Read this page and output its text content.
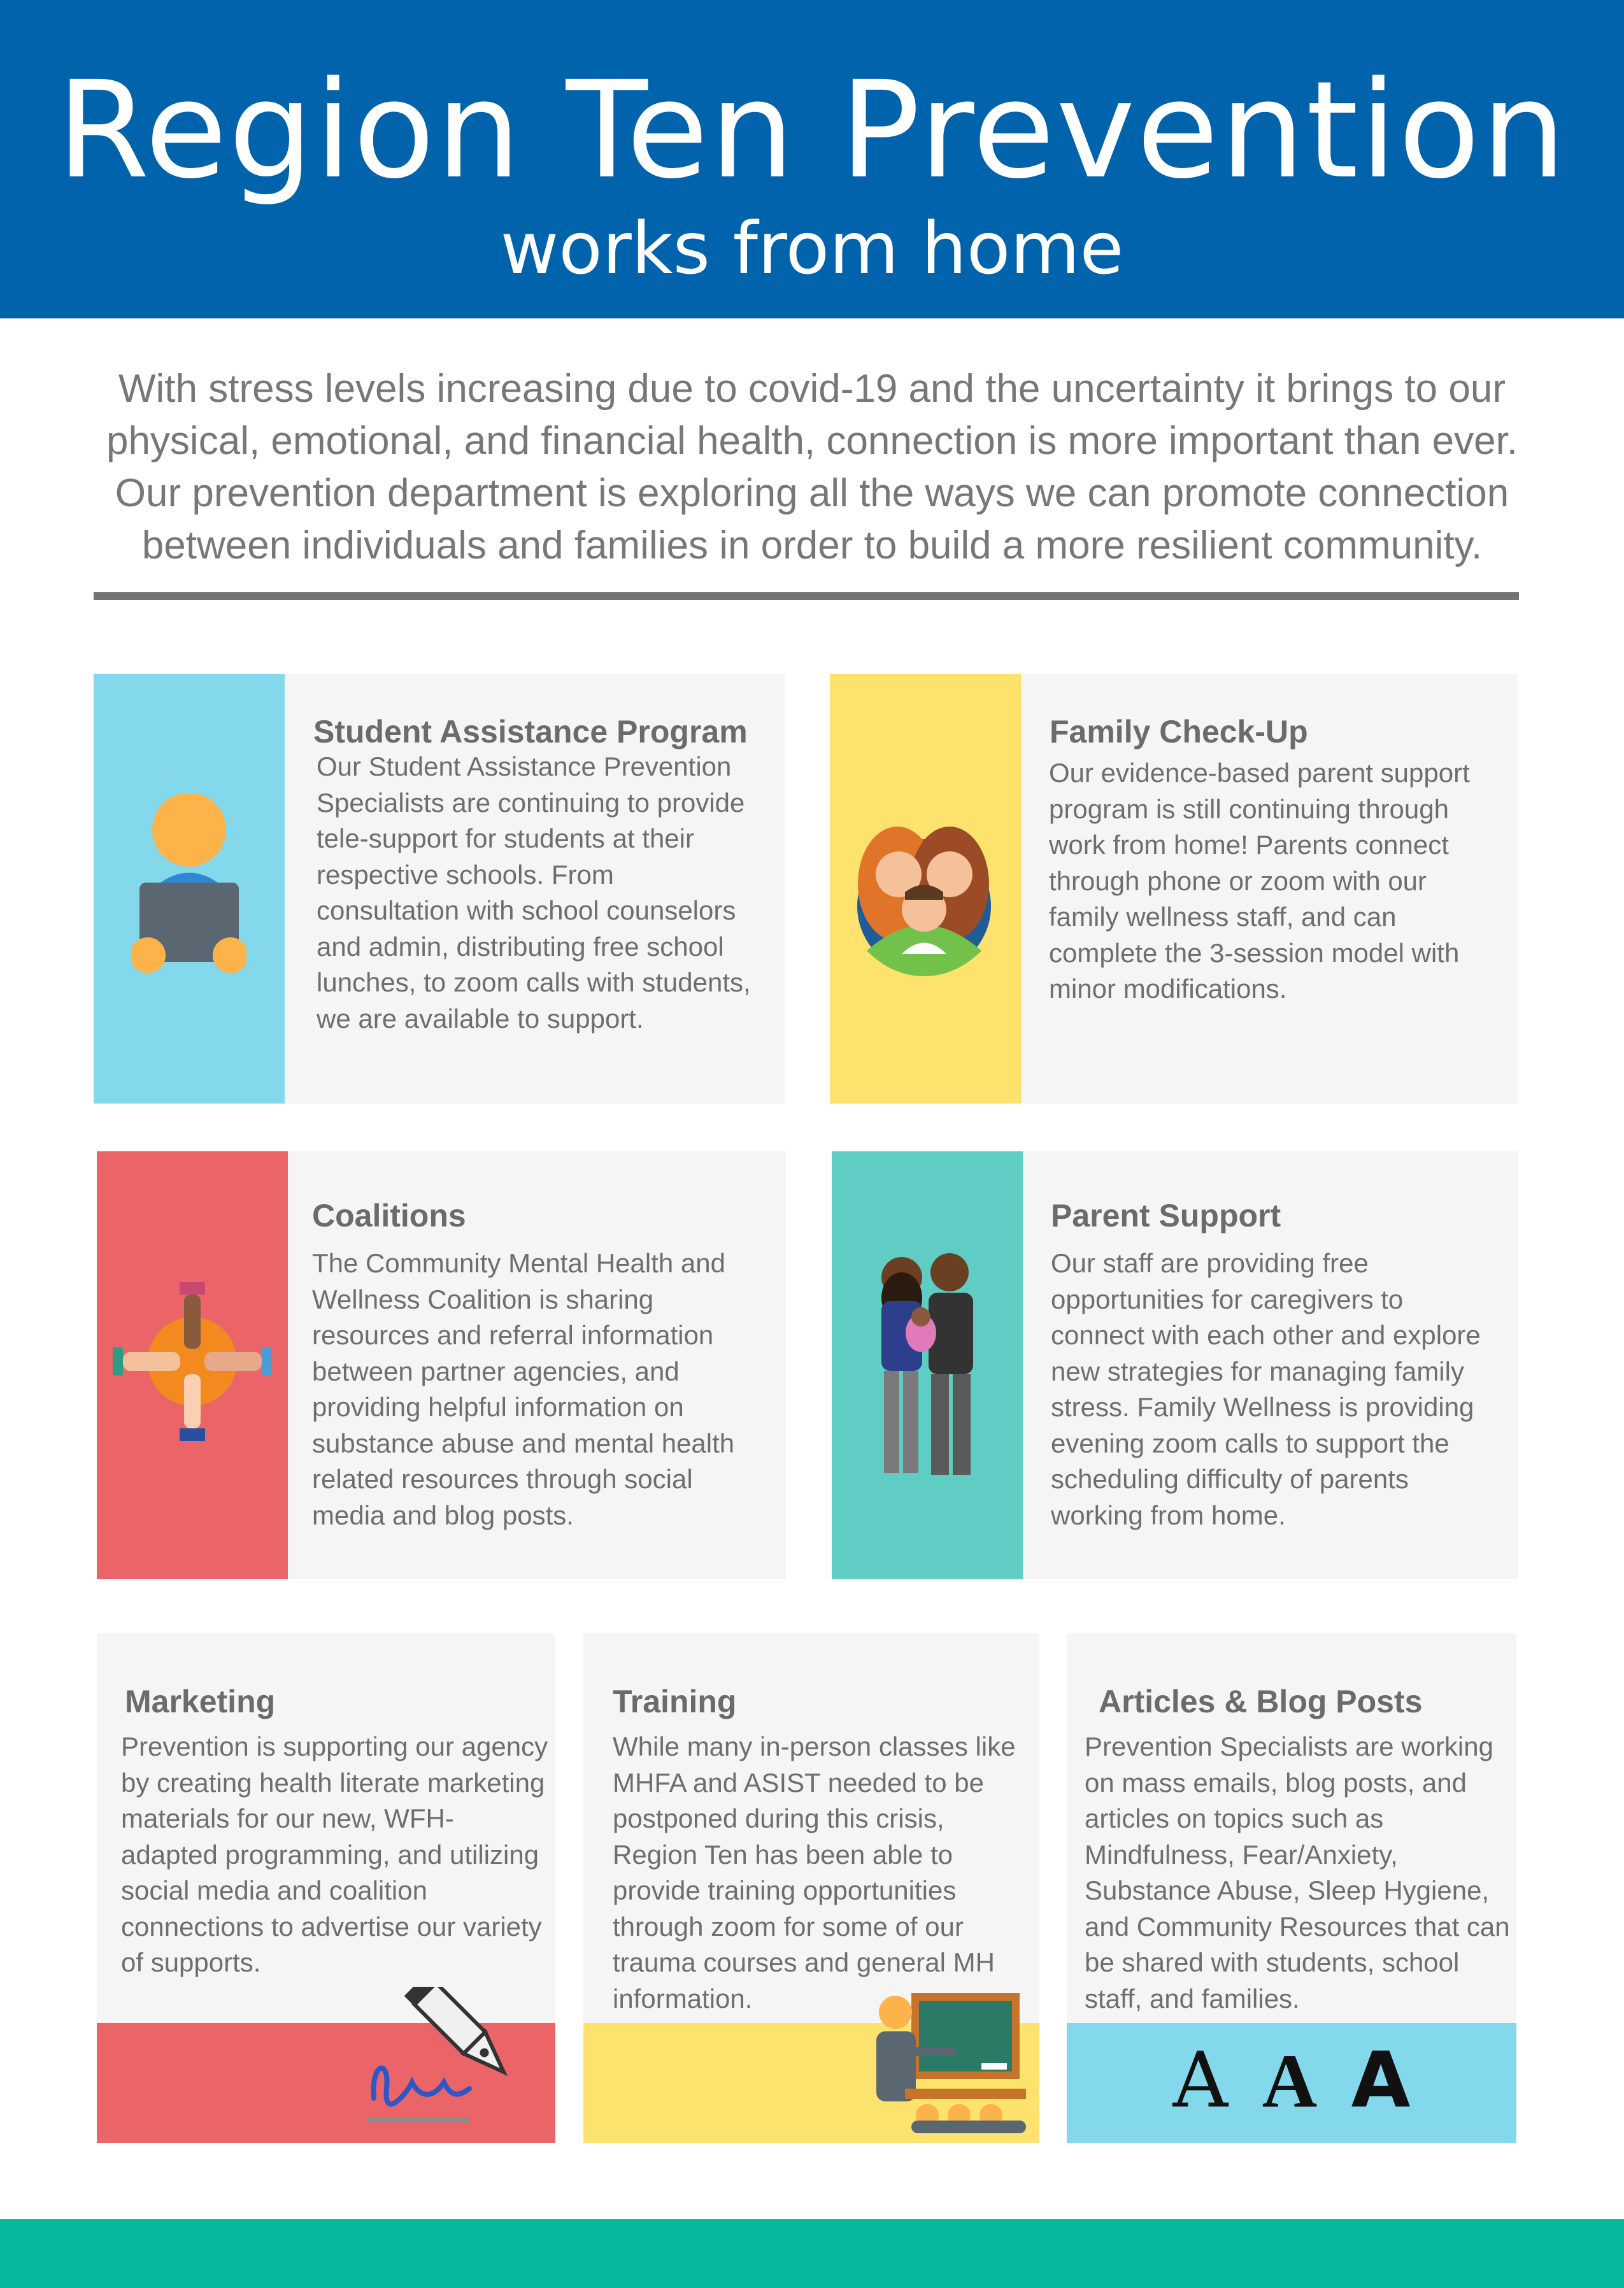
Region Ten Prevention
works from home
With stress levels increasing due to covid-19 and the uncertainty it brings to our physical, emotional, and financial health, connection is more important than ever. Our prevention department is exploring all the ways we can promote connection between individuals and families in order to build a more resilient community.
Student Assistance Program

Our Student Assistance Prevention Specialists are continuing to provide tele-support for students at their respective schools. From consultation with school counselors and admin, distributing free school lunches, to zoom calls with students, we are available to support.

Family Check-Up

Our evidence-based parent support program is still continuing through work from home! Parents connect through phone or zoom with our family wellness staff, and can complete the 3-session model with minor modifications.

Coalitions

The Community Mental Health and Wellness Coalition is sharing resources and referral information between partner agencies, and providing helpful information on substance abuse and mental health related resources through social media and blog posts.

Parent Support

Our staff are providing free opportunities for caregivers to connect with each other and explore new strategies for managing family stress. Family Wellness is providing evening zoom calls to support the scheduling difficulty of parents working from home.

Marketing

Prevention is supporting our agency by creating health literate marketing materials for our new, WFH-adapted programming, and utilizing social media and coalition connections to advertise our variety of supports.

Training

While many in-person classes like MHFA and ASIST needed to be postponed during this crisis, Region Ten has been able to provide training opportunities through zoom for some of our trauma courses and general MH information.

Articles & Blog Posts

Prevention Specialists are working on mass emails, blog posts, and articles on topics such as Mindfulness, Fear/Anxiety, Substance Abuse, Sleep Hygiene, and Community Resources that can be shared with students, school staff, and families.

A A A
